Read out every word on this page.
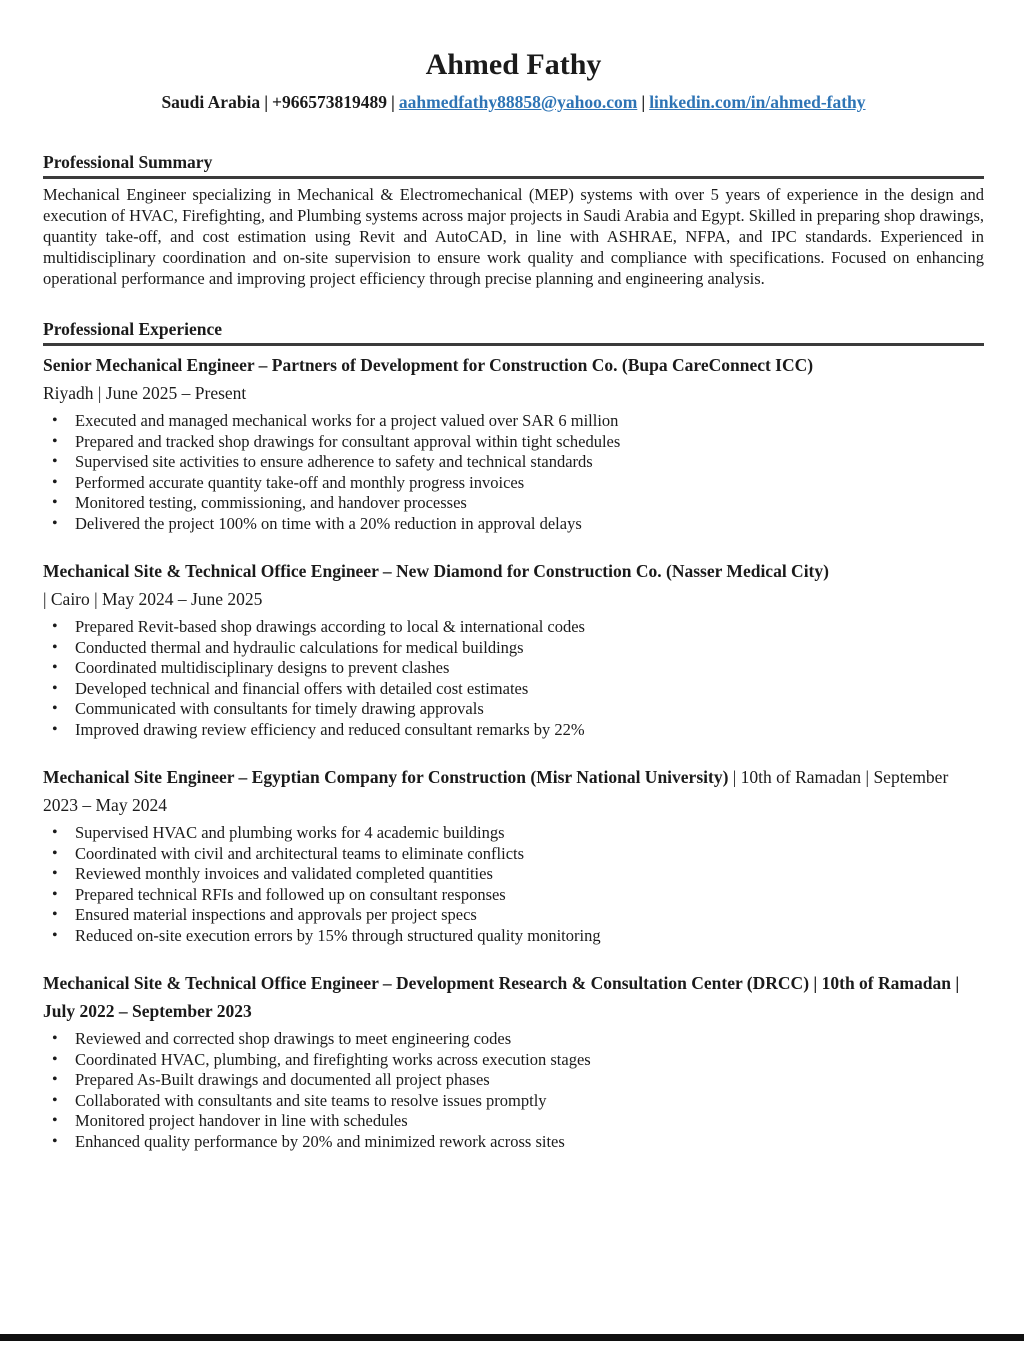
Ahmed Fathy
Saudi Arabia | +966573819489 | aahmedfathy88858@yahoo.com | linkedin.com/in/ahmed-fathy
Professional Summary
Mechanical Engineer specializing in Mechanical & Electromechanical (MEP) systems with over 5 years of experience in the design and execution of HVAC, Firefighting, and Plumbing systems across major projects in Saudi Arabia and Egypt. Skilled in preparing shop drawings, quantity take-off, and cost estimation using Revit and AutoCAD, in line with ASHRAE, NFPA, and IPC standards. Experienced in multidisciplinary coordination and on-site supervision to ensure work quality and compliance with specifications. Focused on enhancing operational performance and improving project efficiency through precise planning and engineering analysis.
Professional Experience
Senior Mechanical Engineer – Partners of Development for Construction Co. (Bupa CareConnect ICC)
Riyadh | June 2025 – Present
• Executed and managed mechanical works for a project valued over SAR 6 million
• Prepared and tracked shop drawings for consultant approval within tight schedules
• Supervised site activities to ensure adherence to safety and technical standards
• Performed accurate quantity take-off and monthly progress invoices
• Monitored testing, commissioning, and handover processes
• Delivered the project 100% on time with a 20% reduction in approval delays
Mechanical Site & Technical Office Engineer – New Diamond for Construction Co. (Nasser Medical City)
| Cairo | May 2024 – June 2025
• Prepared Revit-based shop drawings according to local & international codes
• Conducted thermal and hydraulic calculations for medical buildings
• Coordinated multidisciplinary designs to prevent clashes
• Developed technical and financial offers with detailed cost estimates
• Communicated with consultants for timely drawing approvals
• Improved drawing review efficiency and reduced consultant remarks by 22%
Mechanical Site Engineer – Egyptian Company for Construction (Misr National University) | 10th of Ramadan | September 2023 – May 2024
• Supervised HVAC and plumbing works for 4 academic buildings
• Coordinated with civil and architectural teams to eliminate conflicts
• Reviewed monthly invoices and validated completed quantities
• Prepared technical RFIs and followed up on consultant responses
• Ensured material inspections and approvals per project specs
• Reduced on-site execution errors by 15% through structured quality monitoring
Mechanical Site & Technical Office Engineer – Development Research & Consultation Center (DRCC) | 10th of Ramadan | July 2022 – September 2023
• Reviewed and corrected shop drawings to meet engineering codes
• Coordinated HVAC, plumbing, and firefighting works across execution stages
• Prepared As-Built drawings and documented all project phases
• Collaborated with consultants and site teams to resolve issues promptly
• Monitored project handover in line with schedules
• Enhanced quality performance by 20% and minimized rework across sites
